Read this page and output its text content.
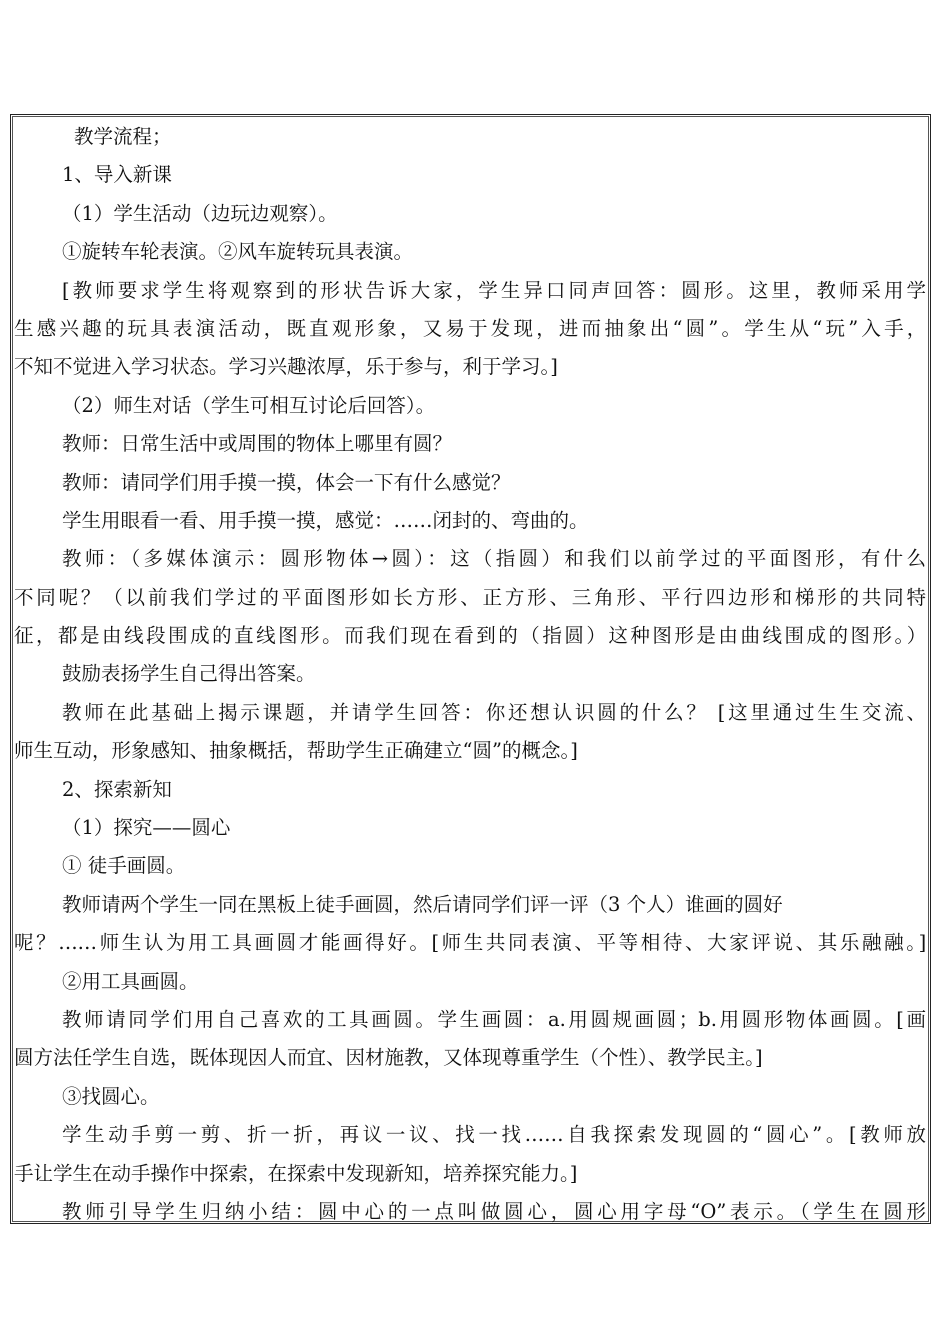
教学流程；
1、导入新课
（1）学生活动（边玩边观察）。
①旋转车轮表演。②风车旋转玩具表演。
[教师要求学生将观察到的形状告诉大家，学生异口同声回答：圆形。这里，教师采用学
生感兴趣的玩具表演活动，既直观形象，又易于发现，进而抽象出“圆”。学生从“玩”入手，
不知不觉进入学习状态。学习兴趣浓厚，乐于参与，利于学习。]
（2）师生对话（学生可相互讨论后回答）。
教师：日常生活中或周围的物体上哪里有圆？
教师：请同学们用手摸一摸，体会一下有什么感觉？
学生用眼看一看、用手摸一摸，感觉：……闭封的、弯曲的。
教师：（多媒体演示：圆形物体→圆）：这（指圆）和我们以前学过的平面图形，有什么
不同呢？（以前我们学过的平面图形如长方形、正方形、三角形、平行四边形和梯形的共同特
征，都是由线段围成的直线图形。而我们现在看到的（指圆）这种图形是由曲线围成的图形。）
鼓励表扬学生自己得出答案。
教师在此基础上揭示课题，并请学生回答：你还想认识圆的什么？ [这里通过生生交流、
师生互动，形象感知、抽象概括，帮助学生正确建立“圆”的概念。]
2、探索新知
（1）探究——圆心
① 徒手画圆。
教师请两个学生一同在黑板上徒手画圆，然后请同学们评一评（3 个人）谁画的圆好
呢？……师生认为用工具画圆才能画得好。[师生共同表演、平等相待、大家评说、其乐融融。]
②用工具画圆。
教师请同学们用自己喜欢的工具画圆。学生画圆：a.用圆规画圆；b.用圆形物体画圆。[画
圆方法任学生自选，既体现因人而宜、因材施教，又体现尊重学生（个性）、教学民主。]
③找圆心。
学生动手剪一剪、折一折，再议一议、找一找……自我探索发现圆的“圆心”。[教师放
手让学生在动手操作中探索，在探索中发现新知，培养探究能力。]
教师引导学生归纳小结：圆中心的一点叫做圆心，圆心用字母“O”表示。（学生在圆形
